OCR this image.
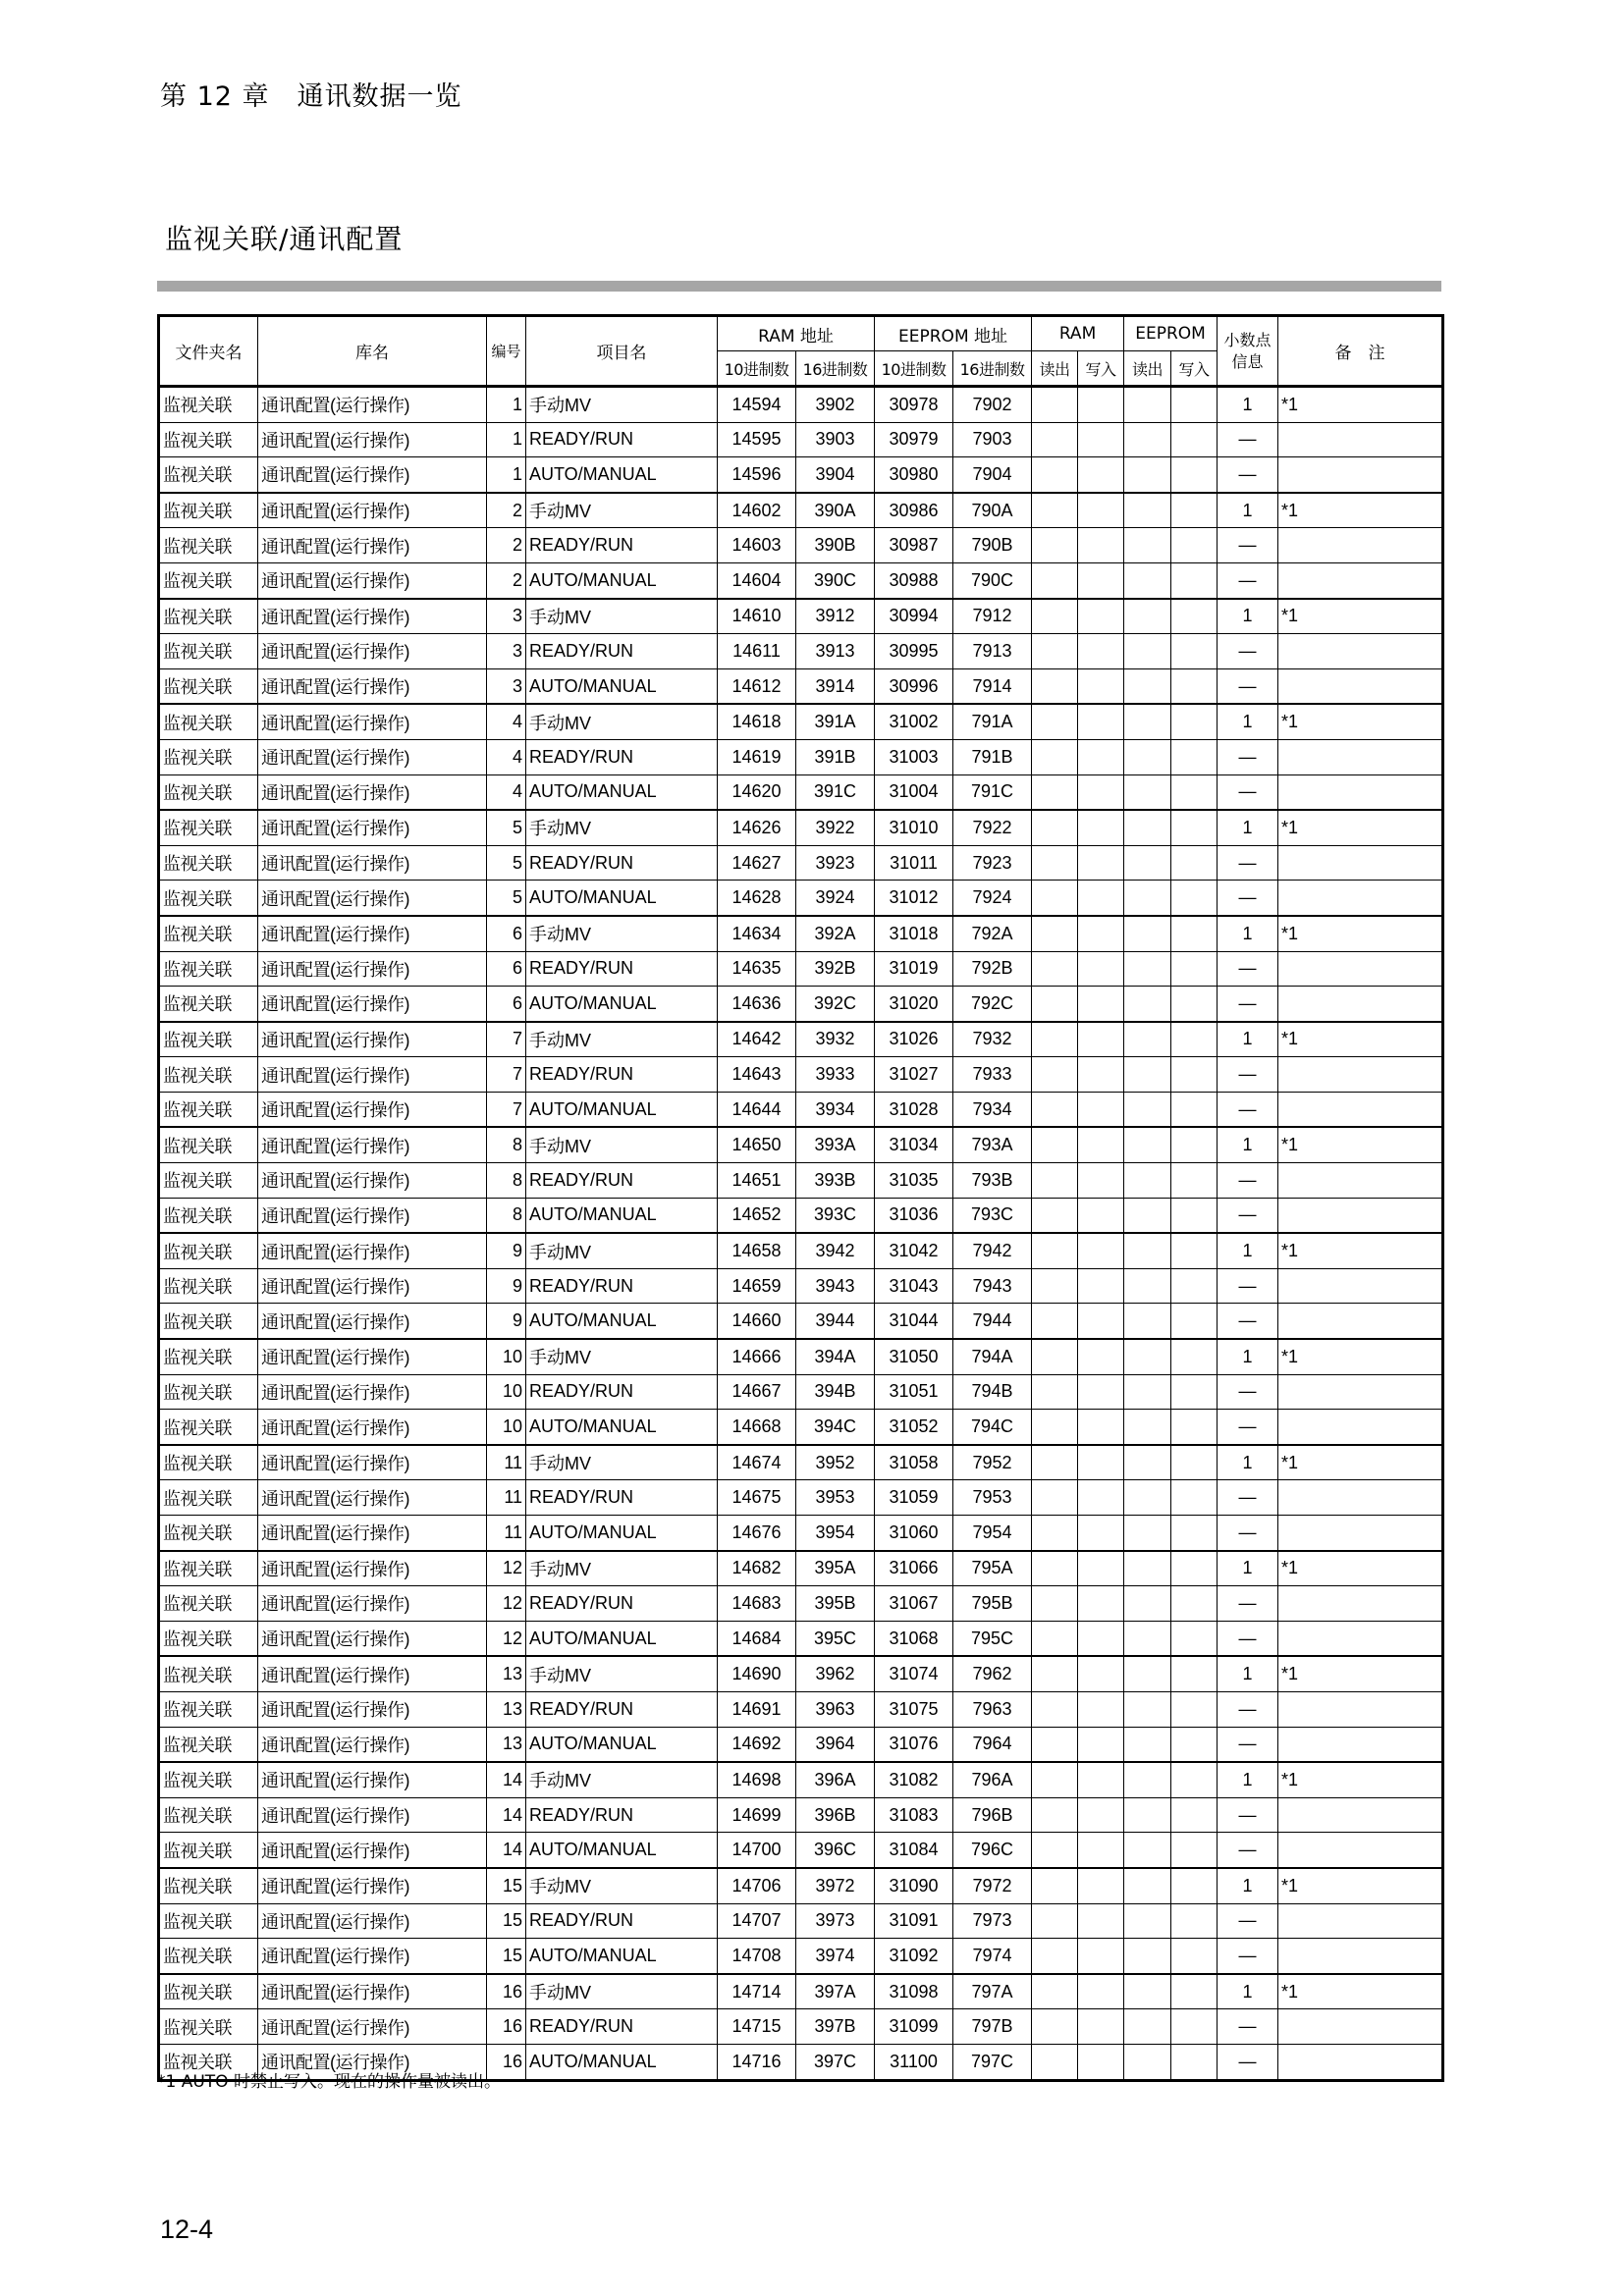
第 12 章　通讯数据一览
监视关联/通讯配置
文件夹名	库名	编号	项目名	RAM 地址		EEPROM 地址		RAM		EEPROM		小数点信息	备　注
				10进制数	16进制数	10进制数	16进制数	读出	写入	读出	写入		
监视关联	通讯配置(运行操作)	1	手动MV	14594	3902	30978	7902					1	*1
监视关联	通讯配置(运行操作)	1	READY/RUN	14595	3903	30979	7903					—	
监视关联	通讯配置(运行操作)	1	AUTO/MANUAL	14596	3904	30980	7904					—	
监视关联	通讯配置(运行操作)	2	手动MV	14602	390A	30986	790A					1	*1
监视关联	通讯配置(运行操作)	2	READY/RUN	14603	390B	30987	790B					—	
监视关联	通讯配置(运行操作)	2	AUTO/MANUAL	14604	390C	30988	790C					—	
监视关联	通讯配置(运行操作)	3	手动MV	14610	3912	30994	7912					1	*1
监视关联	通讯配置(运行操作)	3	READY/RUN	14611	3913	30995	7913					—	
监视关联	通讯配置(运行操作)	3	AUTO/MANUAL	14612	3914	30996	7914					—	
监视关联	通讯配置(运行操作)	4	手动MV	14618	391A	31002	791A					1	*1
监视关联	通讯配置(运行操作)	4	READY/RUN	14619	391B	31003	791B					—	
监视关联	通讯配置(运行操作)	4	AUTO/MANUAL	14620	391C	31004	791C					—	
监视关联	通讯配置(运行操作)	5	手动MV	14626	3922	31010	7922					1	*1
监视关联	通讯配置(运行操作)	5	READY/RUN	14627	3923	31011	7923					—	
监视关联	通讯配置(运行操作)	5	AUTO/MANUAL	14628	3924	31012	7924					—	
监视关联	通讯配置(运行操作)	6	手动MV	14634	392A	31018	792A					1	*1
监视关联	通讯配置(运行操作)	6	READY/RUN	14635	392B	31019	792B					—	
监视关联	通讯配置(运行操作)	6	AUTO/MANUAL	14636	392C	31020	792C					—	
监视关联	通讯配置(运行操作)	7	手动MV	14642	3932	31026	7932					1	*1
监视关联	通讯配置(运行操作)	7	READY/RUN	14643	3933	31027	7933					—	
监视关联	通讯配置(运行操作)	7	AUTO/MANUAL	14644	3934	31028	7934					—	
监视关联	通讯配置(运行操作)	8	手动MV	14650	393A	31034	793A					1	*1
监视关联	通讯配置(运行操作)	8	READY/RUN	14651	393B	31035	793B					—	
监视关联	通讯配置(运行操作)	8	AUTO/MANUAL	14652	393C	31036	793C					—	
监视关联	通讯配置(运行操作)	9	手动MV	14658	3942	31042	7942					1	*1
监视关联	通讯配置(运行操作)	9	READY/RUN	14659	3943	31043	7943					—	
监视关联	通讯配置(运行操作)	9	AUTO/MANUAL	14660	3944	31044	7944					—	
监视关联	通讯配置(运行操作)	10	手动MV	14666	394A	31050	794A					1	*1
监视关联	通讯配置(运行操作)	10	READY/RUN	14667	394B	31051	794B					—	
监视关联	通讯配置(运行操作)	10	AUTO/MANUAL	14668	394C	31052	794C					—	
监视关联	通讯配置(运行操作)	11	手动MV	14674	3952	31058	7952					1	*1
监视关联	通讯配置(运行操作)	11	READY/RUN	14675	3953	31059	7953					—	
监视关联	通讯配置(运行操作)	11	AUTO/MANUAL	14676	3954	31060	7954					—	
监视关联	通讯配置(运行操作)	12	手动MV	14682	395A	31066	795A					1	*1
监视关联	通讯配置(运行操作)	12	READY/RUN	14683	395B	31067	795B					—	
监视关联	通讯配置(运行操作)	12	AUTO/MANUAL	14684	395C	31068	795C					—	
监视关联	通讯配置(运行操作)	13	手动MV	14690	3962	31074	7962					1	*1
监视关联	通讯配置(运行操作)	13	READY/RUN	14691	3963	31075	7963					—	
监视关联	通讯配置(运行操作)	13	AUTO/MANUAL	14692	3964	31076	7964					—	
监视关联	通讯配置(运行操作)	14	手动MV	14698	396A	31082	796A					1	*1
监视关联	通讯配置(运行操作)	14	READY/RUN	14699	396B	31083	796B					—	
监视关联	通讯配置(运行操作)	14	AUTO/MANUAL	14700	396C	31084	796C					—	
监视关联	通讯配置(运行操作)	15	手动MV	14706	3972	31090	7972					1	*1
监视关联	通讯配置(运行操作)	15	READY/RUN	14707	3973	31091	7973					—	
监视关联	通讯配置(运行操作)	15	AUTO/MANUAL	14708	3974	31092	7974					—	
监视关联	通讯配置(运行操作)	16	手动MV	14714	397A	31098	797A					1	*1
监视关联	通讯配置(运行操作)	16	READY/RUN	14715	397B	31099	797B					—	
监视关联	通讯配置(运行操作)	16	AUTO/MANUAL	14716	397C	31100	797C					—	
*1 AUTO 时禁止写入。现在的操作量被读出。
12-4
